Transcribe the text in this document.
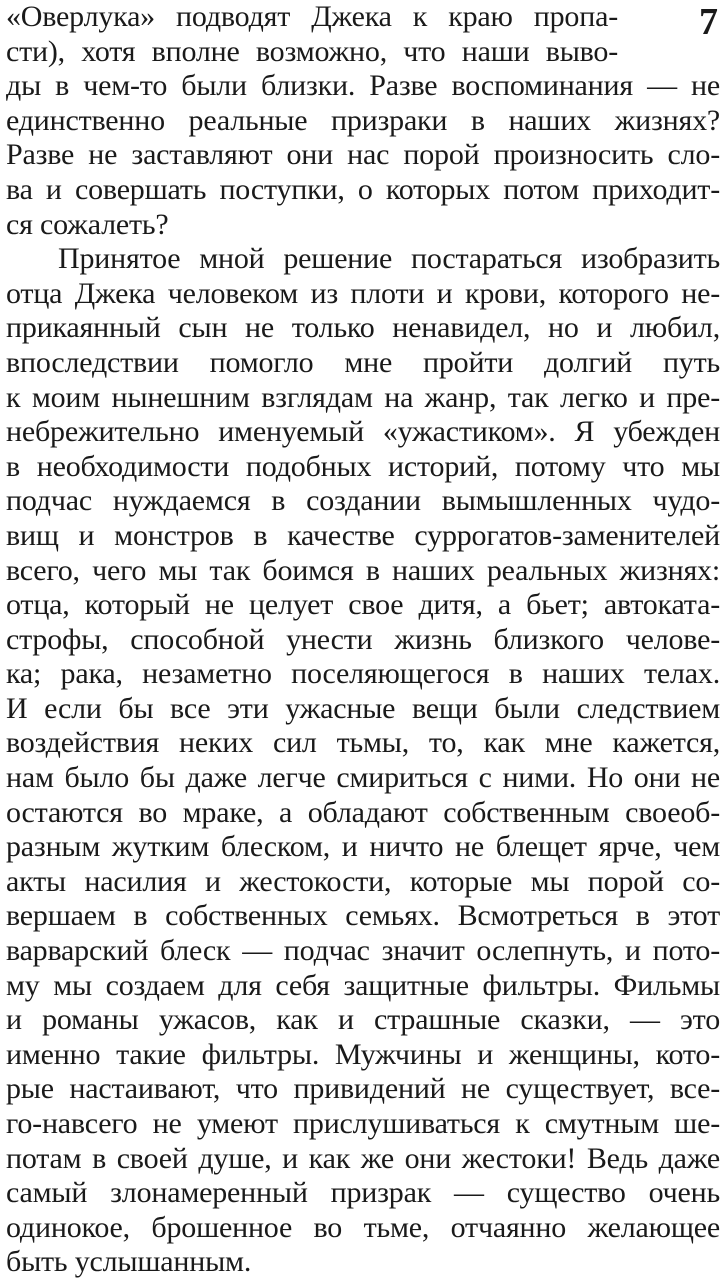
7
«Оверлука» подводят Джека к краю пропа-
сти), хотя вполне возможно, что наши выво-
ды в чем-то были близки. Разве воспоминания — не
единственно реальные призраки в наших жизнях?
Разве не заставляют они нас порой произносить сло-
ва и совершать поступки, о которых потом приходит-
ся сожалеть?
Принятое мной решение постараться изобразить
отца Джека человеком из плоти и крови, которого не-
прикаянный сын не только ненавидел, но и любил,
впоследствии помогло мне пройти долгий путь
к моим нынешним взглядам на жанр, так легко и пре-
небрежительно именуемый «ужастиком». Я убежден
в необходимости подобных историй, потому что мы
подчас нуждаемся в создании вымышленных чудо-
вищ и монстров в качестве суррогатов-заменителей
всего, чего мы так боимся в наших реальных жизнях:
отца, который не целует свое дитя, а бьет; автоката-
строфы, способной унести жизнь близкого челове-
ка; рака, незаметно поселяющегося в наших телах.
И если бы все эти ужасные вещи были следствием
воздействия неких сил тьмы, то, как мне кажется,
нам было бы даже легче смириться с ними. Но они не
остаются во мраке, а обладают собственным своеоб-
разным жутким блеском, и ничто не блещет ярче, чем
акты насилия и жестокости, которые мы порой со-
вершаем в собственных семьях. Всмотреться в этот
варварский блеск — подчас значит ослепнуть, и пото-
му мы создаем для себя защитные фильтры. Фильмы
и романы ужасов, как и страшные сказки, — это
именно такие фильтры. Мужчины и женщины, кото-
рые настаивают, что привидений не существует, все-
го-навсего не умеют прислушиваться к смутным ше-
потам в своей душе, и как же они жестоки! Ведь даже
самый злонамеренный призрак — существо очень
одинокое, брошенное во тьме, отчаянно желающее
быть услышанным.
